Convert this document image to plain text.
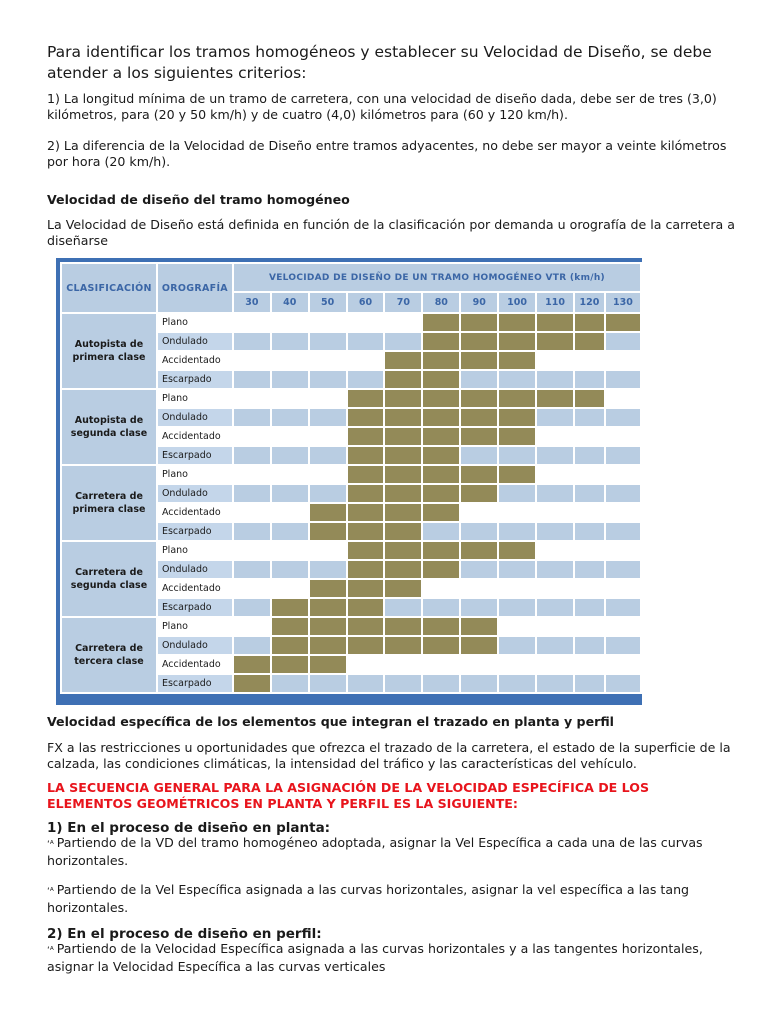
Para identificar los tramos homogéneos y establecer su Velocidad de Diseño, se debe atender a los siguientes criterios:

1) La longitud mínima de un tramo de carretera, con una velocidad de diseño dada, debe ser de tres (3,0) kilómetros, para (20 y 50 km/h) y de cuatro (4,0) kilómetros para (60 y 120 km/h).

2) La diferencia de la Velocidad de Diseño entre tramos adyacentes, no debe ser mayor a veinte kilómetros por hora (20 km/h).

Velocidad de diseño del tramo homogéneo

La Velocidad de Diseño está definida en función de la clasificación por demanda u orografía de la carretera a diseñarse

CLASIFICACIÓN	OROGRAFÍA	VELOCIDAD DE DISEÑO DE UN TRAMO HOMOGÉNEO VTR (km/h)										
		30	40	50	60	70	80	90	100	110	120	130
Autopista de primera clase	Plano											
	Ondulado											
	Accidentado											
	Escarpado											
Autopista de segunda clase	Plano											
	Ondulado											
	Accidentado											
	Escarpado											
Carretera de primera clase	Plano											
	Ondulado											
	Accidentado											
	Escarpado											
Carretera de segunda clase	Plano											
	Ondulado											
	Accidentado											
	Escarpado											
Carretera de tercera clase	Plano											
	Ondulado											
	Accidentado											
	Escarpado											

Velocidad específica de los elementos que integran el trazado en planta y perfil

FX a las restricciones u oportunidades que ofrezca el trazado de la carretera, el estado de la superficie de la calzada, las condiciones climáticas, la intensidad del tráfico y las características del vehículo.

LA SECUENCIA GENERAL PARA LA ASIGNACIÓN DE LA VELOCIDAD ESPECÍFICA DE LOS ELEMENTOS GEOMÉTRICOS EN PLANTA Y PERFIL ES LA SIGUIENTE:

1) En el proceso de diseño en planta:

ʻᴬ Partiendo de la VD del tramo homogéneo adoptada, asignar la Vel Específica a cada una de las curvas horizontales.

ʻᴬ Partiendo de la Vel Específica asignada a las curvas horizontales, asignar la vel específica a las tang horizontales.

2) En el proceso de diseño en perfil:

ʻᴬ Partiendo de la Velocidad Específica asignada a las curvas horizontales y a las tangentes horizontales, asignar la Velocidad Específica a las curvas verticales
